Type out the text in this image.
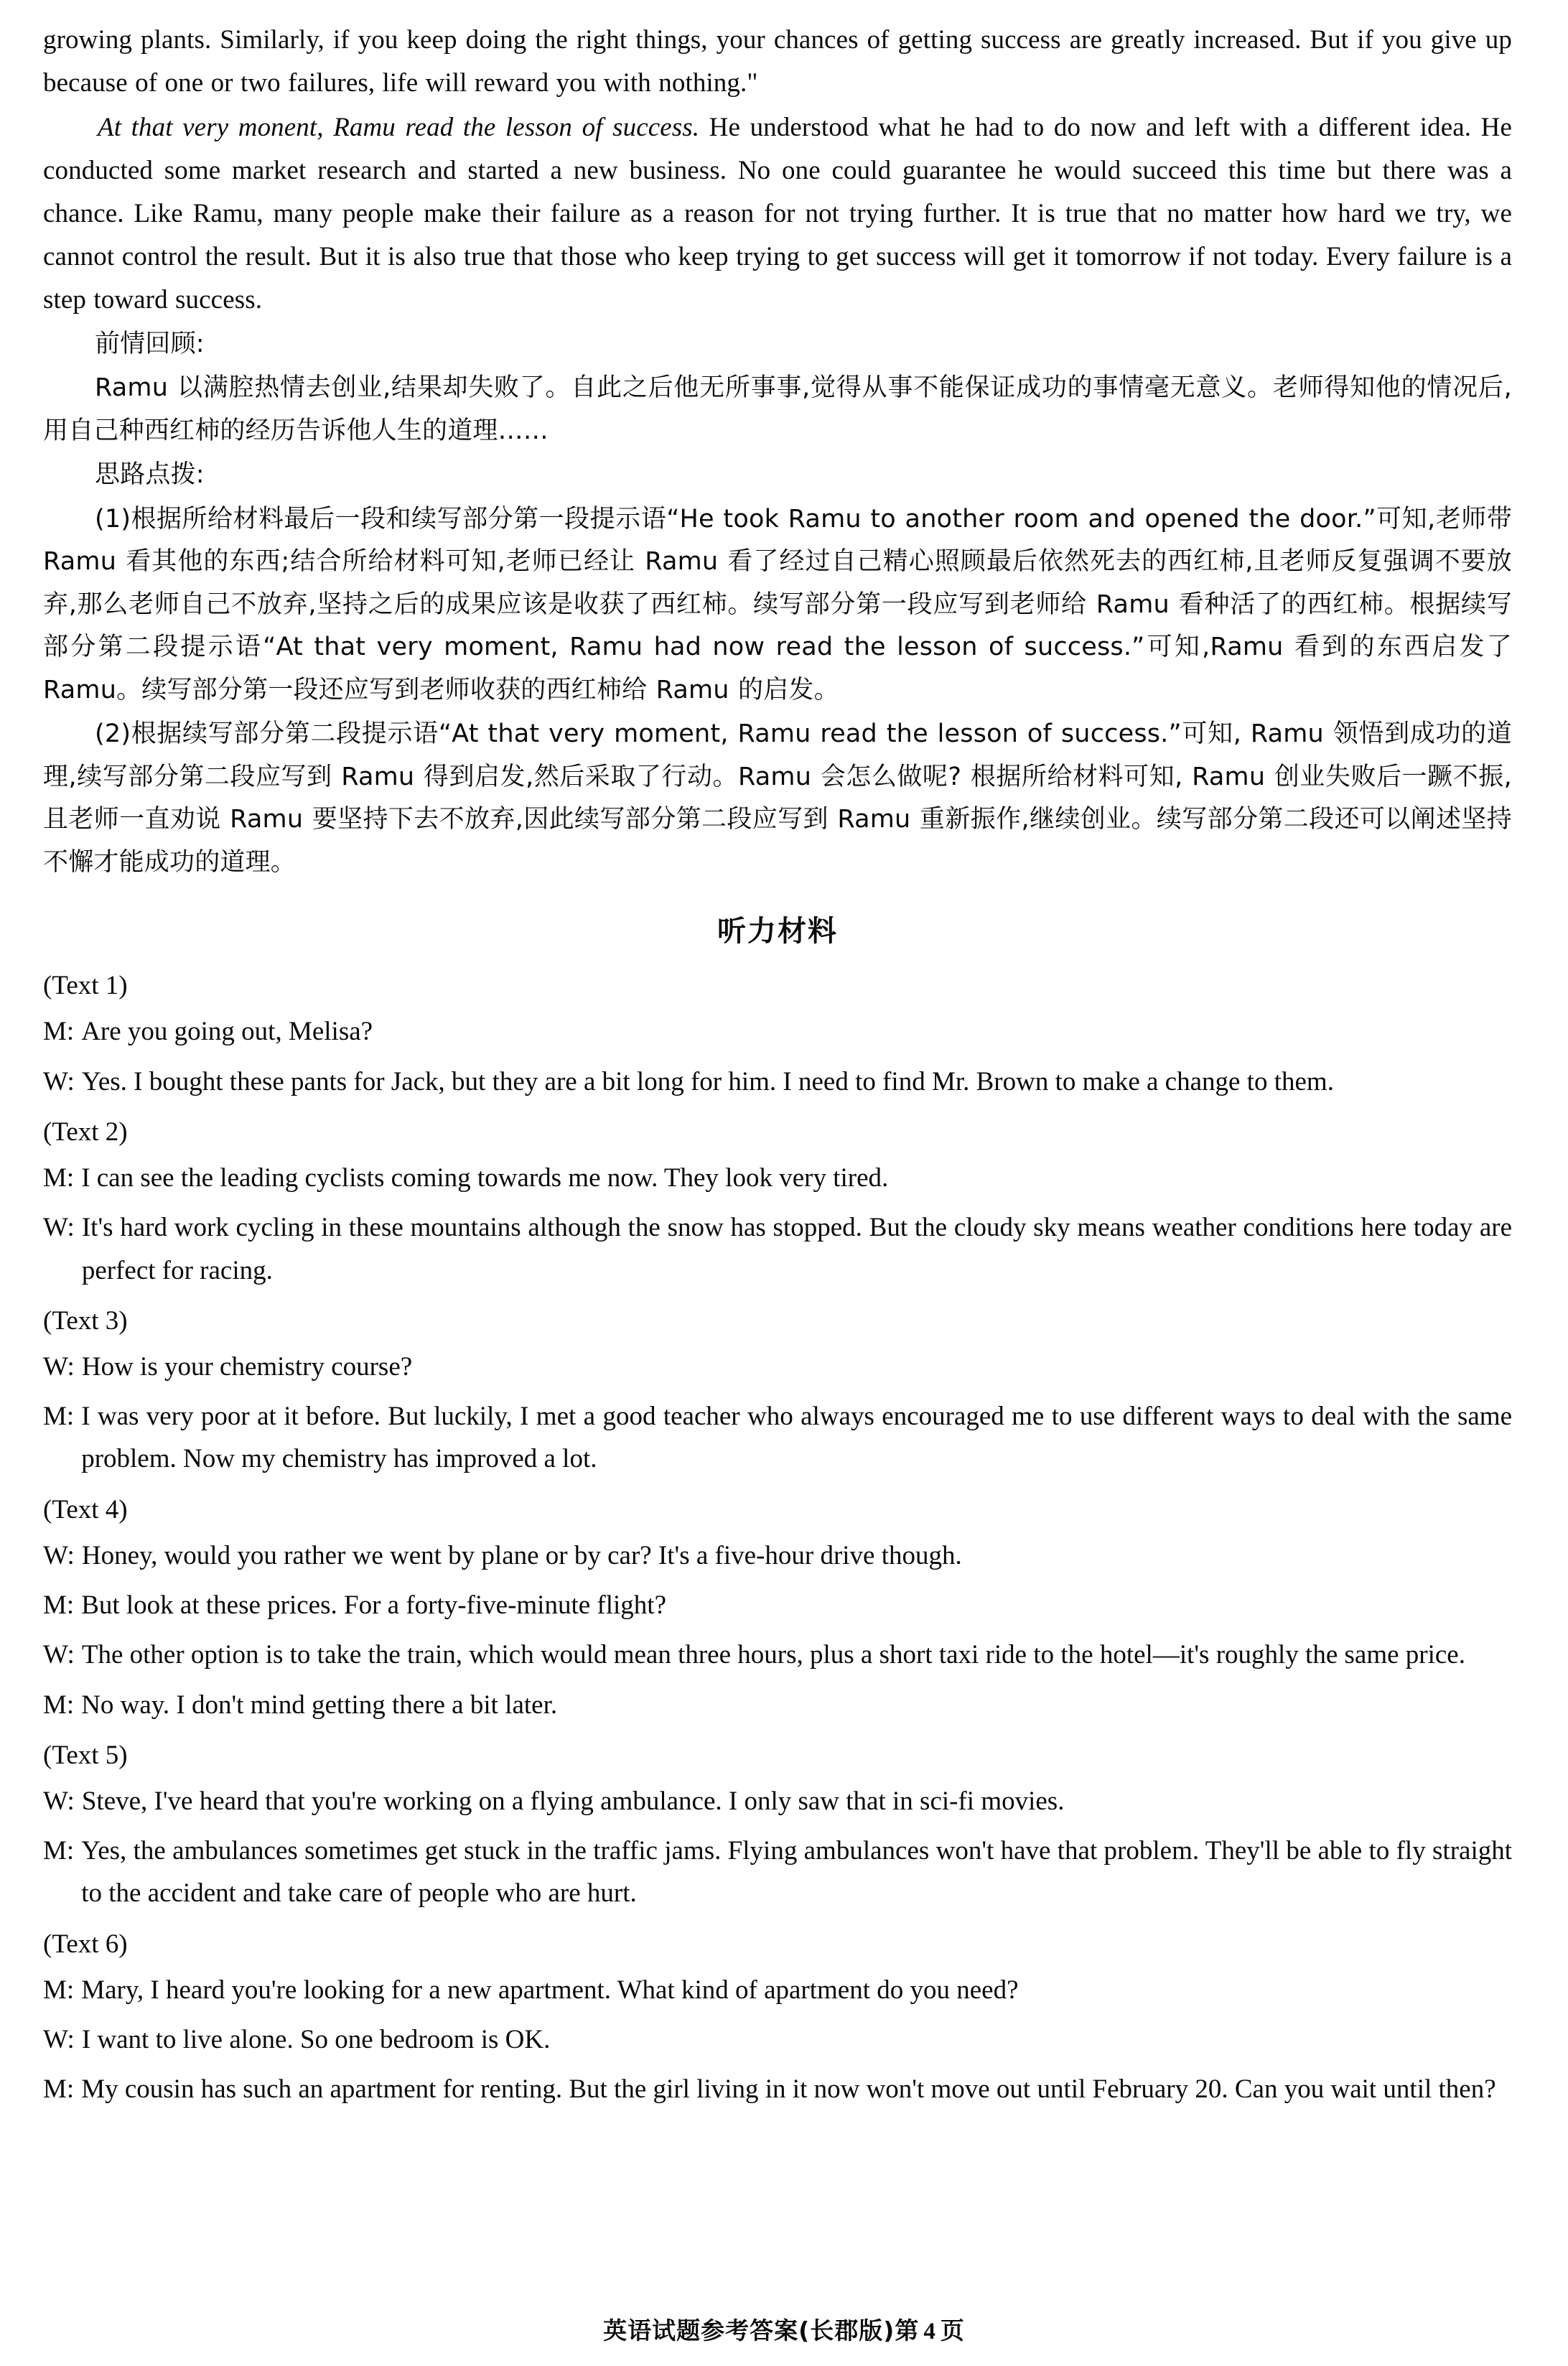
growing plants. Similarly, if you keep doing the right things, your chances of getting success are greatly increased. But if you give up because of one or two failures, life will reward you with nothing."

At that very monent, Ramu read the lesson of success. He understood what he had to do now and left with a different idea. He conducted some market research and started a new business. No one could guarantee he would succeed this time but there was a chance. Like Ramu, many people make their failure as a reason for not trying further. It is true that no matter how hard we try, we cannot control the result. But it is also true that those who keep trying to get success will get it tomorrow if not today. Every failure is a step toward success.

前情回顾:

Ramu 以满腔热情去创业,结果却失败了。自此之后他无所事事,觉得从事不能保证成功的事情毫无意义。老师得知他的情况后,用自己种西红柿的经历告诉他人生的道理……

思路点拨:

(1)根据所给材料最后一段和续写部分第一段提示语“He took Ramu to another room and opened the door.”可知,老师带 Ramu 看其他的东西;结合所给材料可知,老师已经让 Ramu 看了经过自己精心照顾最后依然死去的西红柿,且老师反复强调不要放弃,那么老师自己不放弃,坚持之后的成果应该是收获了西红柿。续写部分第一段应写到老师给 Ramu 看种活了的西红柿。根据续写部分第二段提示语“At that very moment, Ramu had now read the lesson of success.”可知,Ramu 看到的东西启发了 Ramu。续写部分第一段还应写到老师收获的西红柿给 Ramu 的启发。

(2)根据续写部分第二段提示语“At that very moment, Ramu read the lesson of success.”可知, Ramu 领悟到成功的道理,续写部分第二段应写到 Ramu 得到启发,然后采取了行动。Ramu 会怎么做呢? 根据所给材料可知, Ramu 创业失败后一蹶不振,且老师一直劝说 Ramu 要坚持下去不放弃,因此续写部分第二段应写到 Ramu 重新振作,继续创业。续写部分第二段还可以阐述坚持不懈才能成功的道理。

听力材料
(Text 1)
M: Are you going out, Melisa?
W: Yes. I bought these pants for Jack, but they are a bit long for him. I need to find Mr. Brown to make a change to them.
(Text 2)
M: I can see the leading cyclists coming towards me now. They look very tired.
W: It's hard work cycling in these mountains although the snow has stopped. But the cloudy sky means weather conditions here today are perfect for racing.
(Text 3)
W: How is your chemistry course?
M: I was very poor at it before. But luckily, I met a good teacher who always encouraged me to use different ways to deal with the same problem. Now my chemistry has improved a lot.
(Text 4)
W: Honey, would you rather we went by plane or by car? It's a five-hour drive though.
M: But look at these prices. For a forty-five-minute flight?
W: The other option is to take the train, which would mean three hours, plus a short taxi ride to the hotel—it's roughly the same price.
M: No way. I don't mind getting there a bit later.
(Text 5)
W: Steve, I've heard that you're working on a flying ambulance. I only saw that in sci-fi movies.
M: Yes, the ambulances sometimes get stuck in the traffic jams. Flying ambulances won't have that problem. They'll be able to fly straight to the accident and take care of people who are hurt.
(Text 6)
M: Mary, I heard you're looking for a new apartment. What kind of apartment do you need?
W: I want to live alone. So one bedroom is OK.
M: My cousin has such an apartment for renting. But the girl living in it now won't move out until February 20. Can you wait until then?
英语试题参考答案(长郡版)第 4 页
